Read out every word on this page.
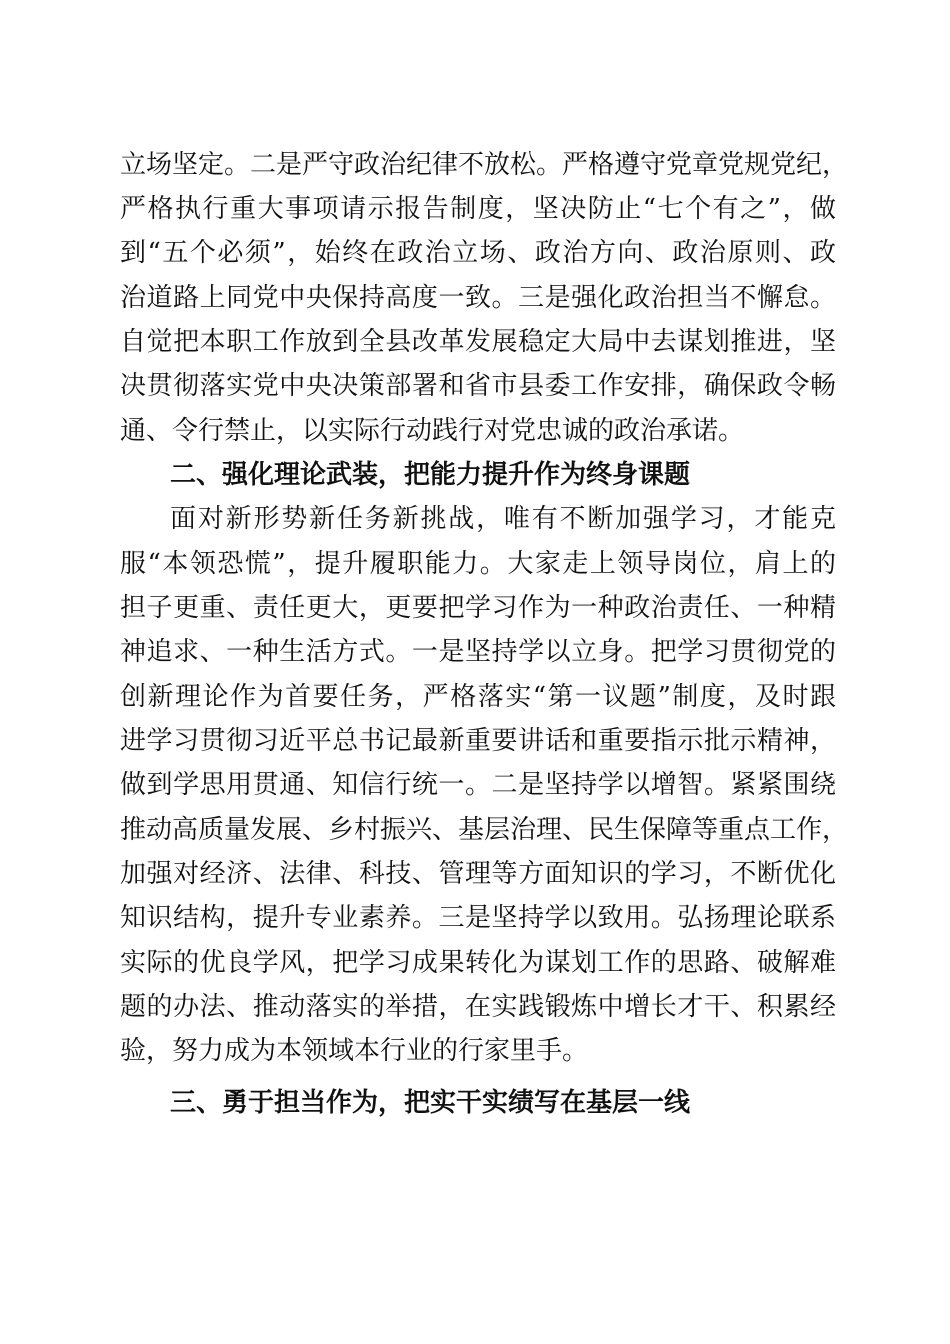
立场坚定。二是严守政治纪律不放松。严格遵守党章党规党纪，
严格执行重大事项请示报告制度，坚决防止“七个有之”，做
到“五个必须”，始终在政治立场、政治方向、政治原则、政
治道路上同党中央保持高度一致。三是强化政治担当不懈怠。
自觉把本职工作放到全县改革发展稳定大局中去谋划推进，坚
决贯彻落实党中央决策部署和省市县委工作安排，确保政令畅
通、令行禁止，以实际行动践行对党忠诚的政治承诺。
二、强化理论武装，把能力提升作为终身课题
面对新形势新任务新挑战，唯有不断加强学习，才能克
服“本领恐慌”，提升履职能力。大家走上领导岗位，肩上的
担子更重、责任更大，更要把学习作为一种政治责任、一种精
神追求、一种生活方式。一是坚持学以立身。把学习贯彻党的
创新理论作为首要任务，严格落实“第一议题”制度，及时跟
进学习贯彻习近平总书记最新重要讲话和重要指示批示精神，
做到学思用贯通、知信行统一。二是坚持学以增智。紧紧围绕
推动高质量发展、乡村振兴、基层治理、民生保障等重点工作，
加强对经济、法律、科技、管理等方面知识的学习，不断优化
知识结构，提升专业素养。三是坚持学以致用。弘扬理论联系
实际的优良学风，把学习成果转化为谋划工作的思路、破解难
题的办法、推动落实的举措，在实践锻炼中增长才干、积累经
验，努力成为本领域本行业的行家里手。
三、勇于担当作为，把实干实绩写在基层一线
